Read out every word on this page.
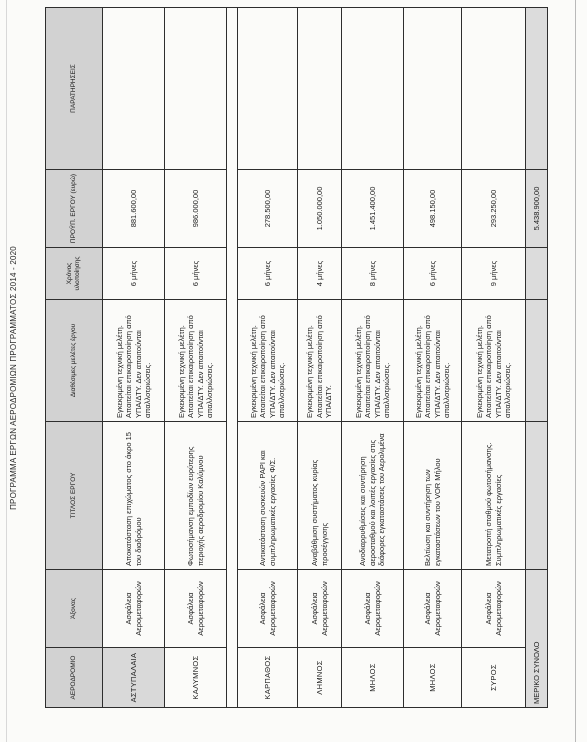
ΠΡΟΓΡΑΜΜΑ ΕΡΓΩΝ ΑΕΡΟΔΡΟΜΙΩΝ ΠΡΟΓΡΑΜΜΑΤΟΣ 2014 - 2020
ΑΕΡΟΔΡΟΜΙΟ	Άξονας	ΤΙΤΛΟΣ ΕΡΓΟΥ	Διαθέσιμες μελέτες έργου	Χρόνος υλοποίησης	ΠΡΟΫΠ. ΕΡΓΟΥ (ευρώ)	ΠΑΡΑΤΗΡΗΣΕΙΣ
ΑΣΤΥΠΑΛΑΙΑ	Ασφάλεια Αερομεταφορών	Αποκατάσταση επιχώματος στο άκρο 15 του διαδρόμου	Εγκεκριμένη τεχνική μελέτη. Απαιτείται επικαιροποίηση από ΥΠΑ/ΔΤΥ. Δεν απαιτούνται απαλλοτριώσεις.	6 μήνες	881.600,00	
ΚΑΛΥΜΝΟΣ	Ασφάλεια Αερομεταφορών	Φωτοσήμανση εμποδίων ευρύτερης περιοχής αεροδρομίου Καλύμνου	Εγκεκριμένη τεχνική μελέτη. Απαιτείται επικαιροποίηση από ΥΠΑ/ΔΤΥ. Δεν απαιτούνται απαλλοτριώσεις.	6 μήνες	986.000,00	

ΚΑΡΠΑΘΟΣ	Ασφάλεια Αερομεταφορών	Αντικατάσταση συσκευών PAPI και συμπληρωματικές εργασίες Φ/Σ.	Εγκεκριμένη τεχνική μελέτη. Απαιτείται επικαιροποίηση από ΥΠΑ/ΔΤΥ. Δεν απαιτούνται απαλλοτριώσεις.	6 μήνες	278.500,00	
ΛΗΜΝΟΣ	Ασφάλεια Αερομεταφορών	Αναβάθμιση συστήματος κυρίας προσέγγισης	Εγκεκριμένη τεχνική μελέτη. Απαιτείται επικαιροποίηση από ΥΠΑ/ΔΤΥ.	4 μήνες	1.050.000,00	
ΜΗΛΟΣ	Ασφάλεια Αερομεταφορών	Ανοδιαρρυθμίσεις και συντήρηση αεροσταθμού και λοιπές εργασίες στις διάφορες εγκαταστάσεις του Αερολιμένα	Εγκεκριμένη τεχνική μελέτη. Απαιτείται επικαιροποίηση από ΥΠΑ/ΔΤΥ. Δεν απαιτούνται απαλλοτριώσεις.	8 μήνες	1.451.400,00	
ΜΗΛΟΣ	Ασφάλεια Αερομεταφορών	Βελτίωση και συντήρηση των εγκαταστάσεων του VOR Μήλου	Εγκεκριμένη τεχνική μελέτη. Απαιτείται επικαιροποίηση από ΥΠΑ/ΔΤΥ. Δεν απαιτούνται απαλλοτριώσεις.	6 μήνες	498.150,00	
ΣΥΡΟΣ	Ασφάλεια Αερομεταφορών	Μετατροπή σταθμού φωτοσήμανσης. Συμπληρωματικές εργασίες	Εγκεκριμένη τεχνική μελέτη. Απαιτείται επικαιροποίηση από ΥΠΑ/ΔΤΥ. Δεν απαιτούνται απαλλοτριώσεις.	9 μήνες	293.250,00	
ΜΕΡΙΚΟ ΣΥΝΟΛΟ					5.438.900,00	
